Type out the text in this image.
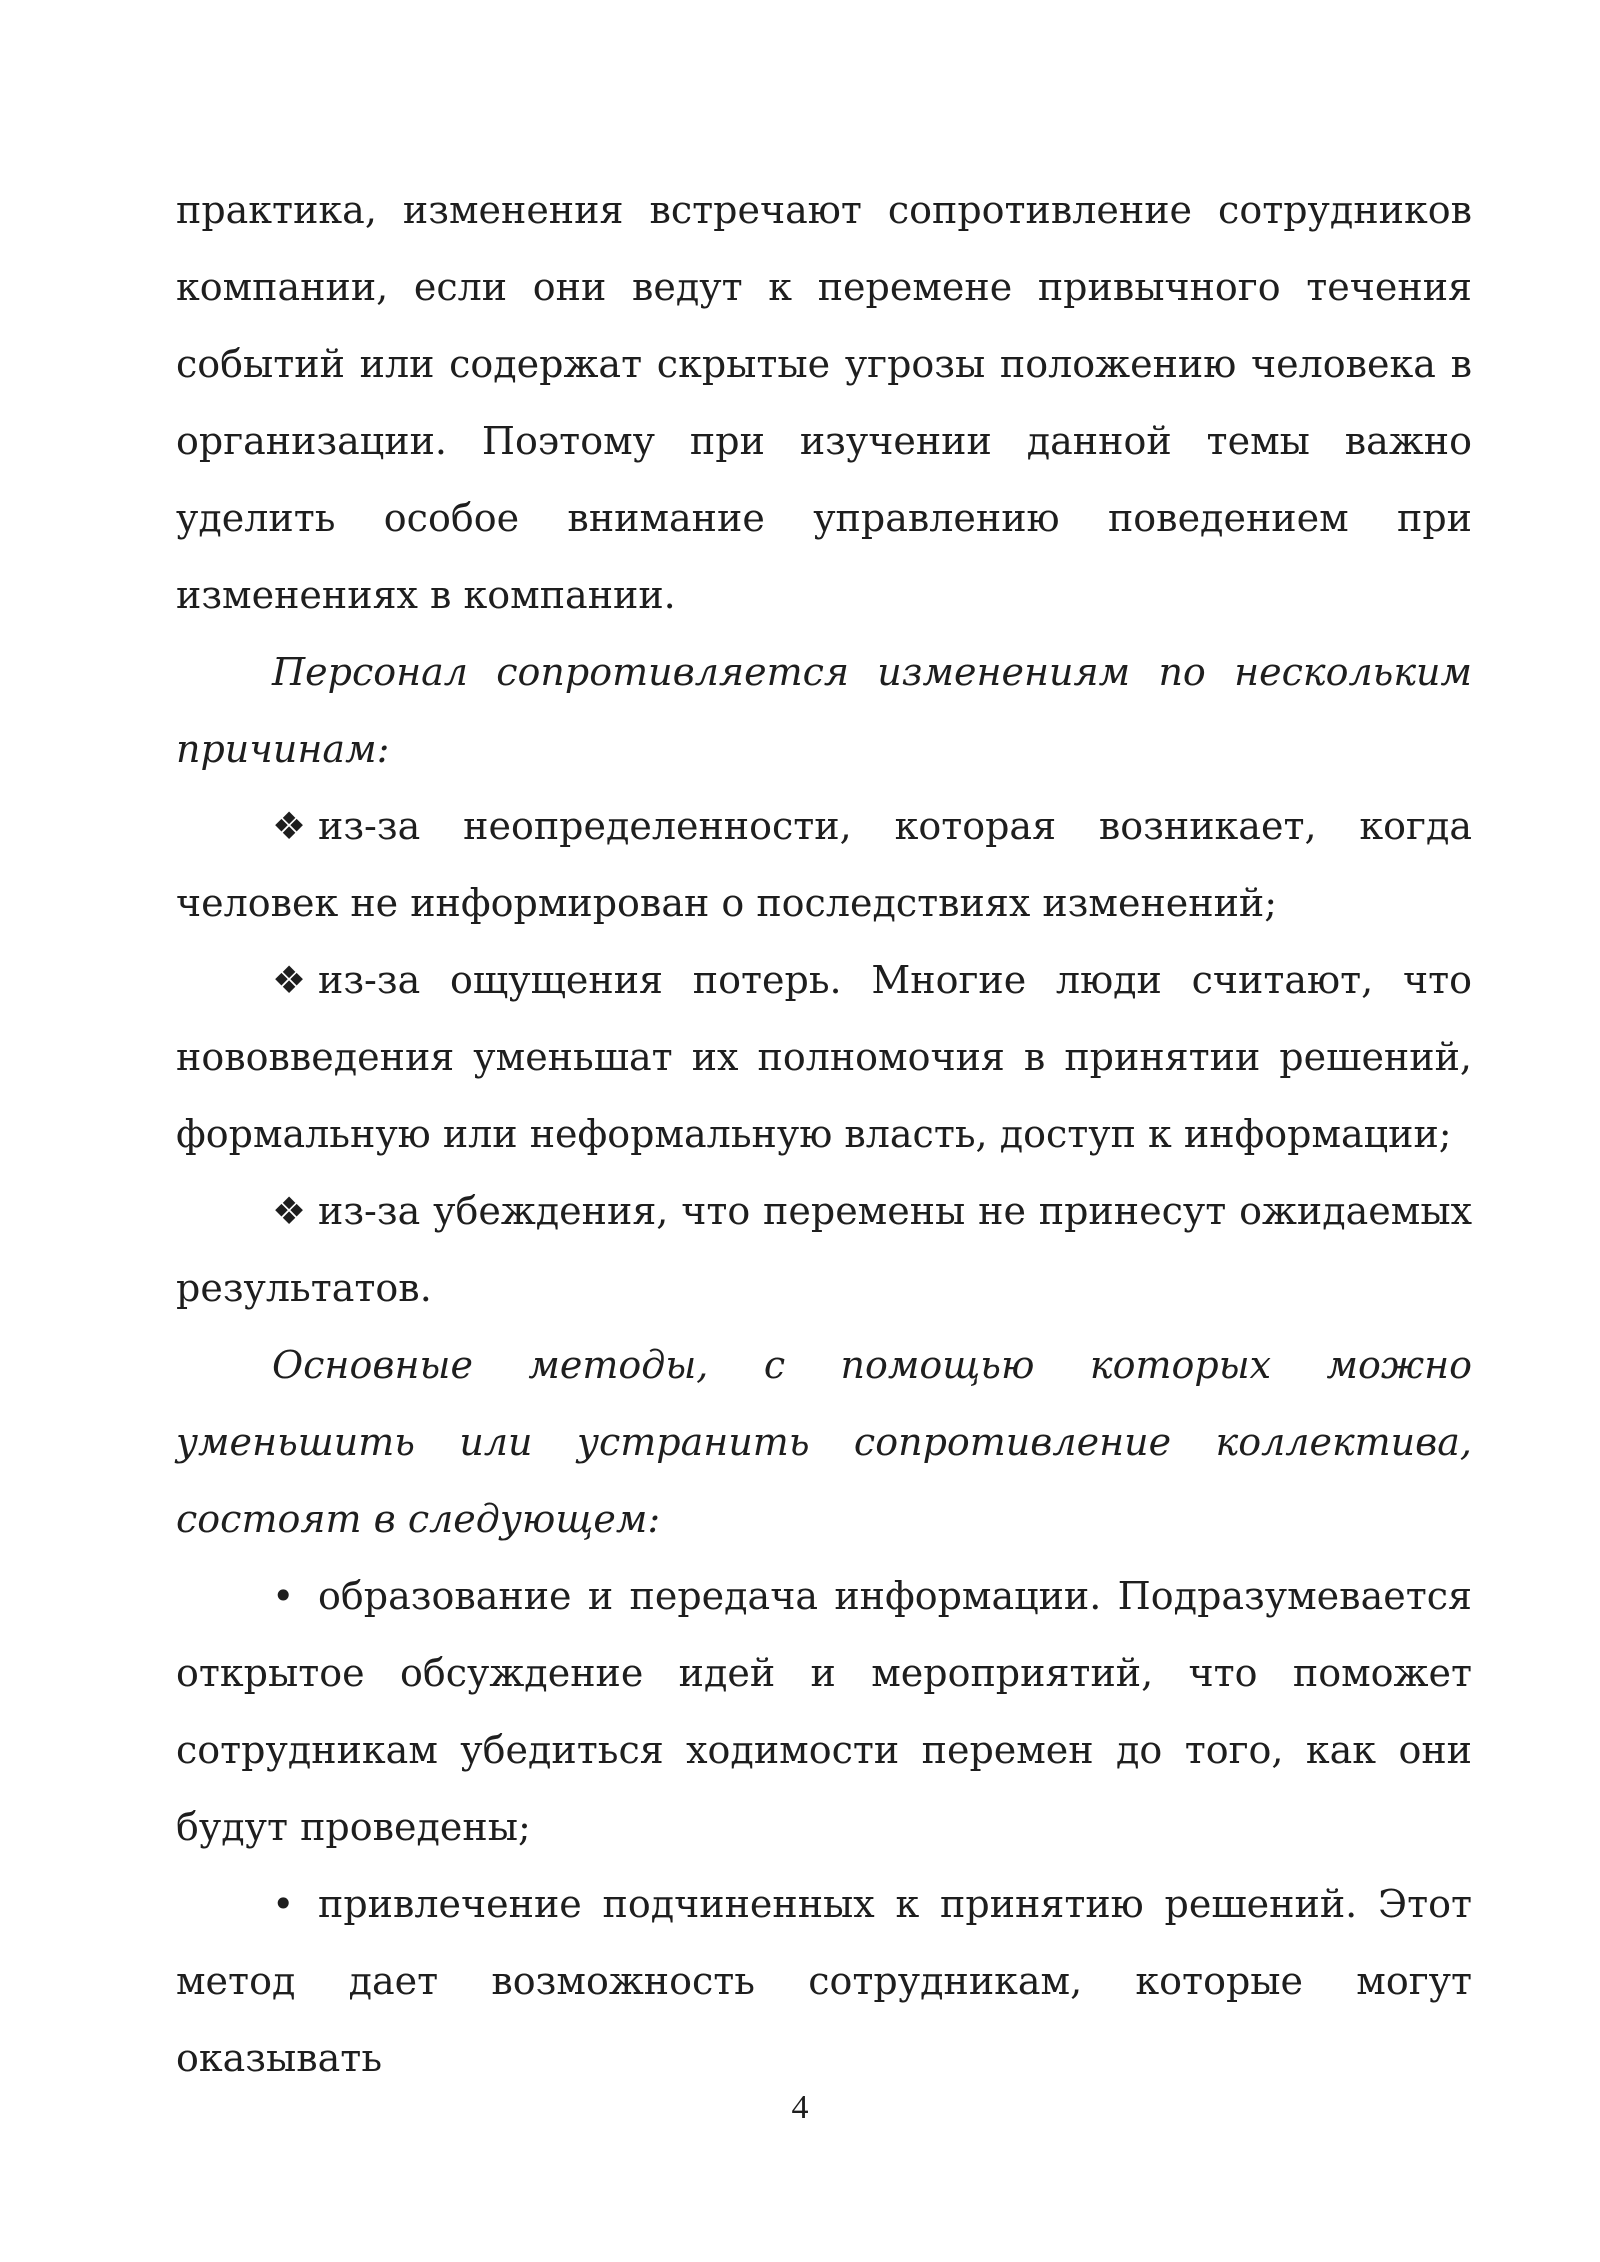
практика, изменения встречают сопротивление сотрудников компании, если они ведут к перемене привычного течения событий или содержат скрытые угрозы положению человека в организации. Поэтому при изучении данной темы важно уделить особое внимание управлению поведением при изменениях в компании.

Персонал сопротивляется изменениям по нескольким причинам:

❖ из-за неопределенности, которая возникает, когда человек не информирован о последствиях изменений;

❖ из-за ощущения потерь. Многие люди считают, что нововведения уменьшат их полномочия в принятии решений, формальную или неформальную власть, доступ к информации;

❖ из-за убеждения, что перемены не принесут ожидаемых результатов.

Основные методы, с помощью которых можно уменьшить или устранить сопротивление коллектива, состоят в следующем:

• образование и передача информации. Подразумевается открытое обсуждение идей и мероприятий, что поможет сотрудникам убедиться ходимости перемен до того, как они будут проведены;

• привлечение подчиненных к принятию решений. Этот метод дает возможность сотрудникам, которые могут оказывать

4
